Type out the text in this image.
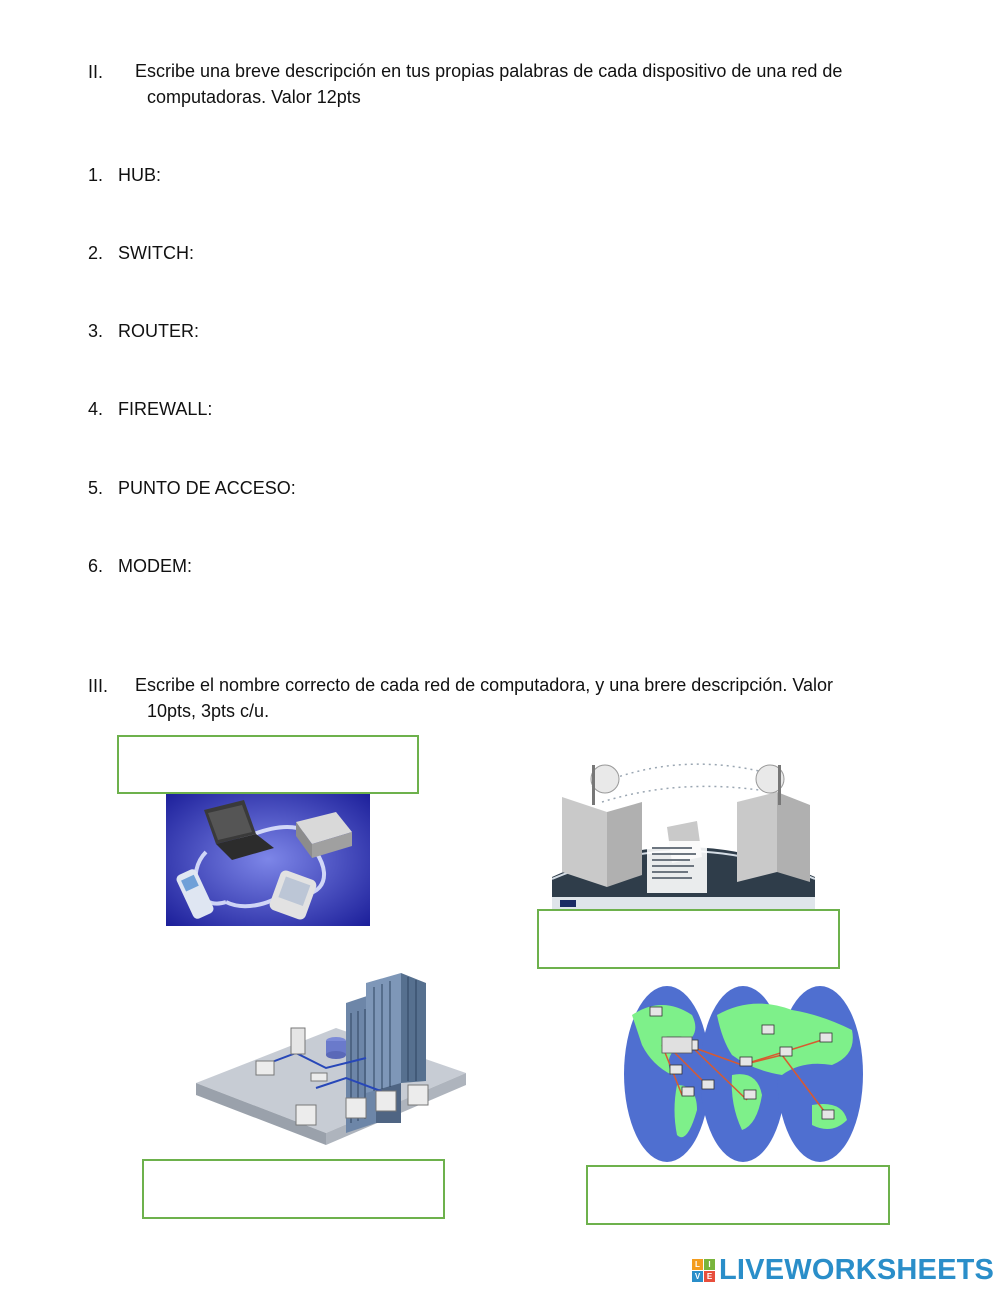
II. Escribe una breve descripción en tus propias palabras de cada dispositivo de una red de
computadoras. Valor 12pts
1. HUB:
2. SWITCH:
3. ROUTER:
4. FIREWALL:
5. PUNTO DE ACCESO:
6. MODEM:
III. Escribe el nombre correcto de cada red de computadora, y una brere descripción. Valor
10pts, 3pts c/u.
L	I
V E LIVEWORKSHEETS
